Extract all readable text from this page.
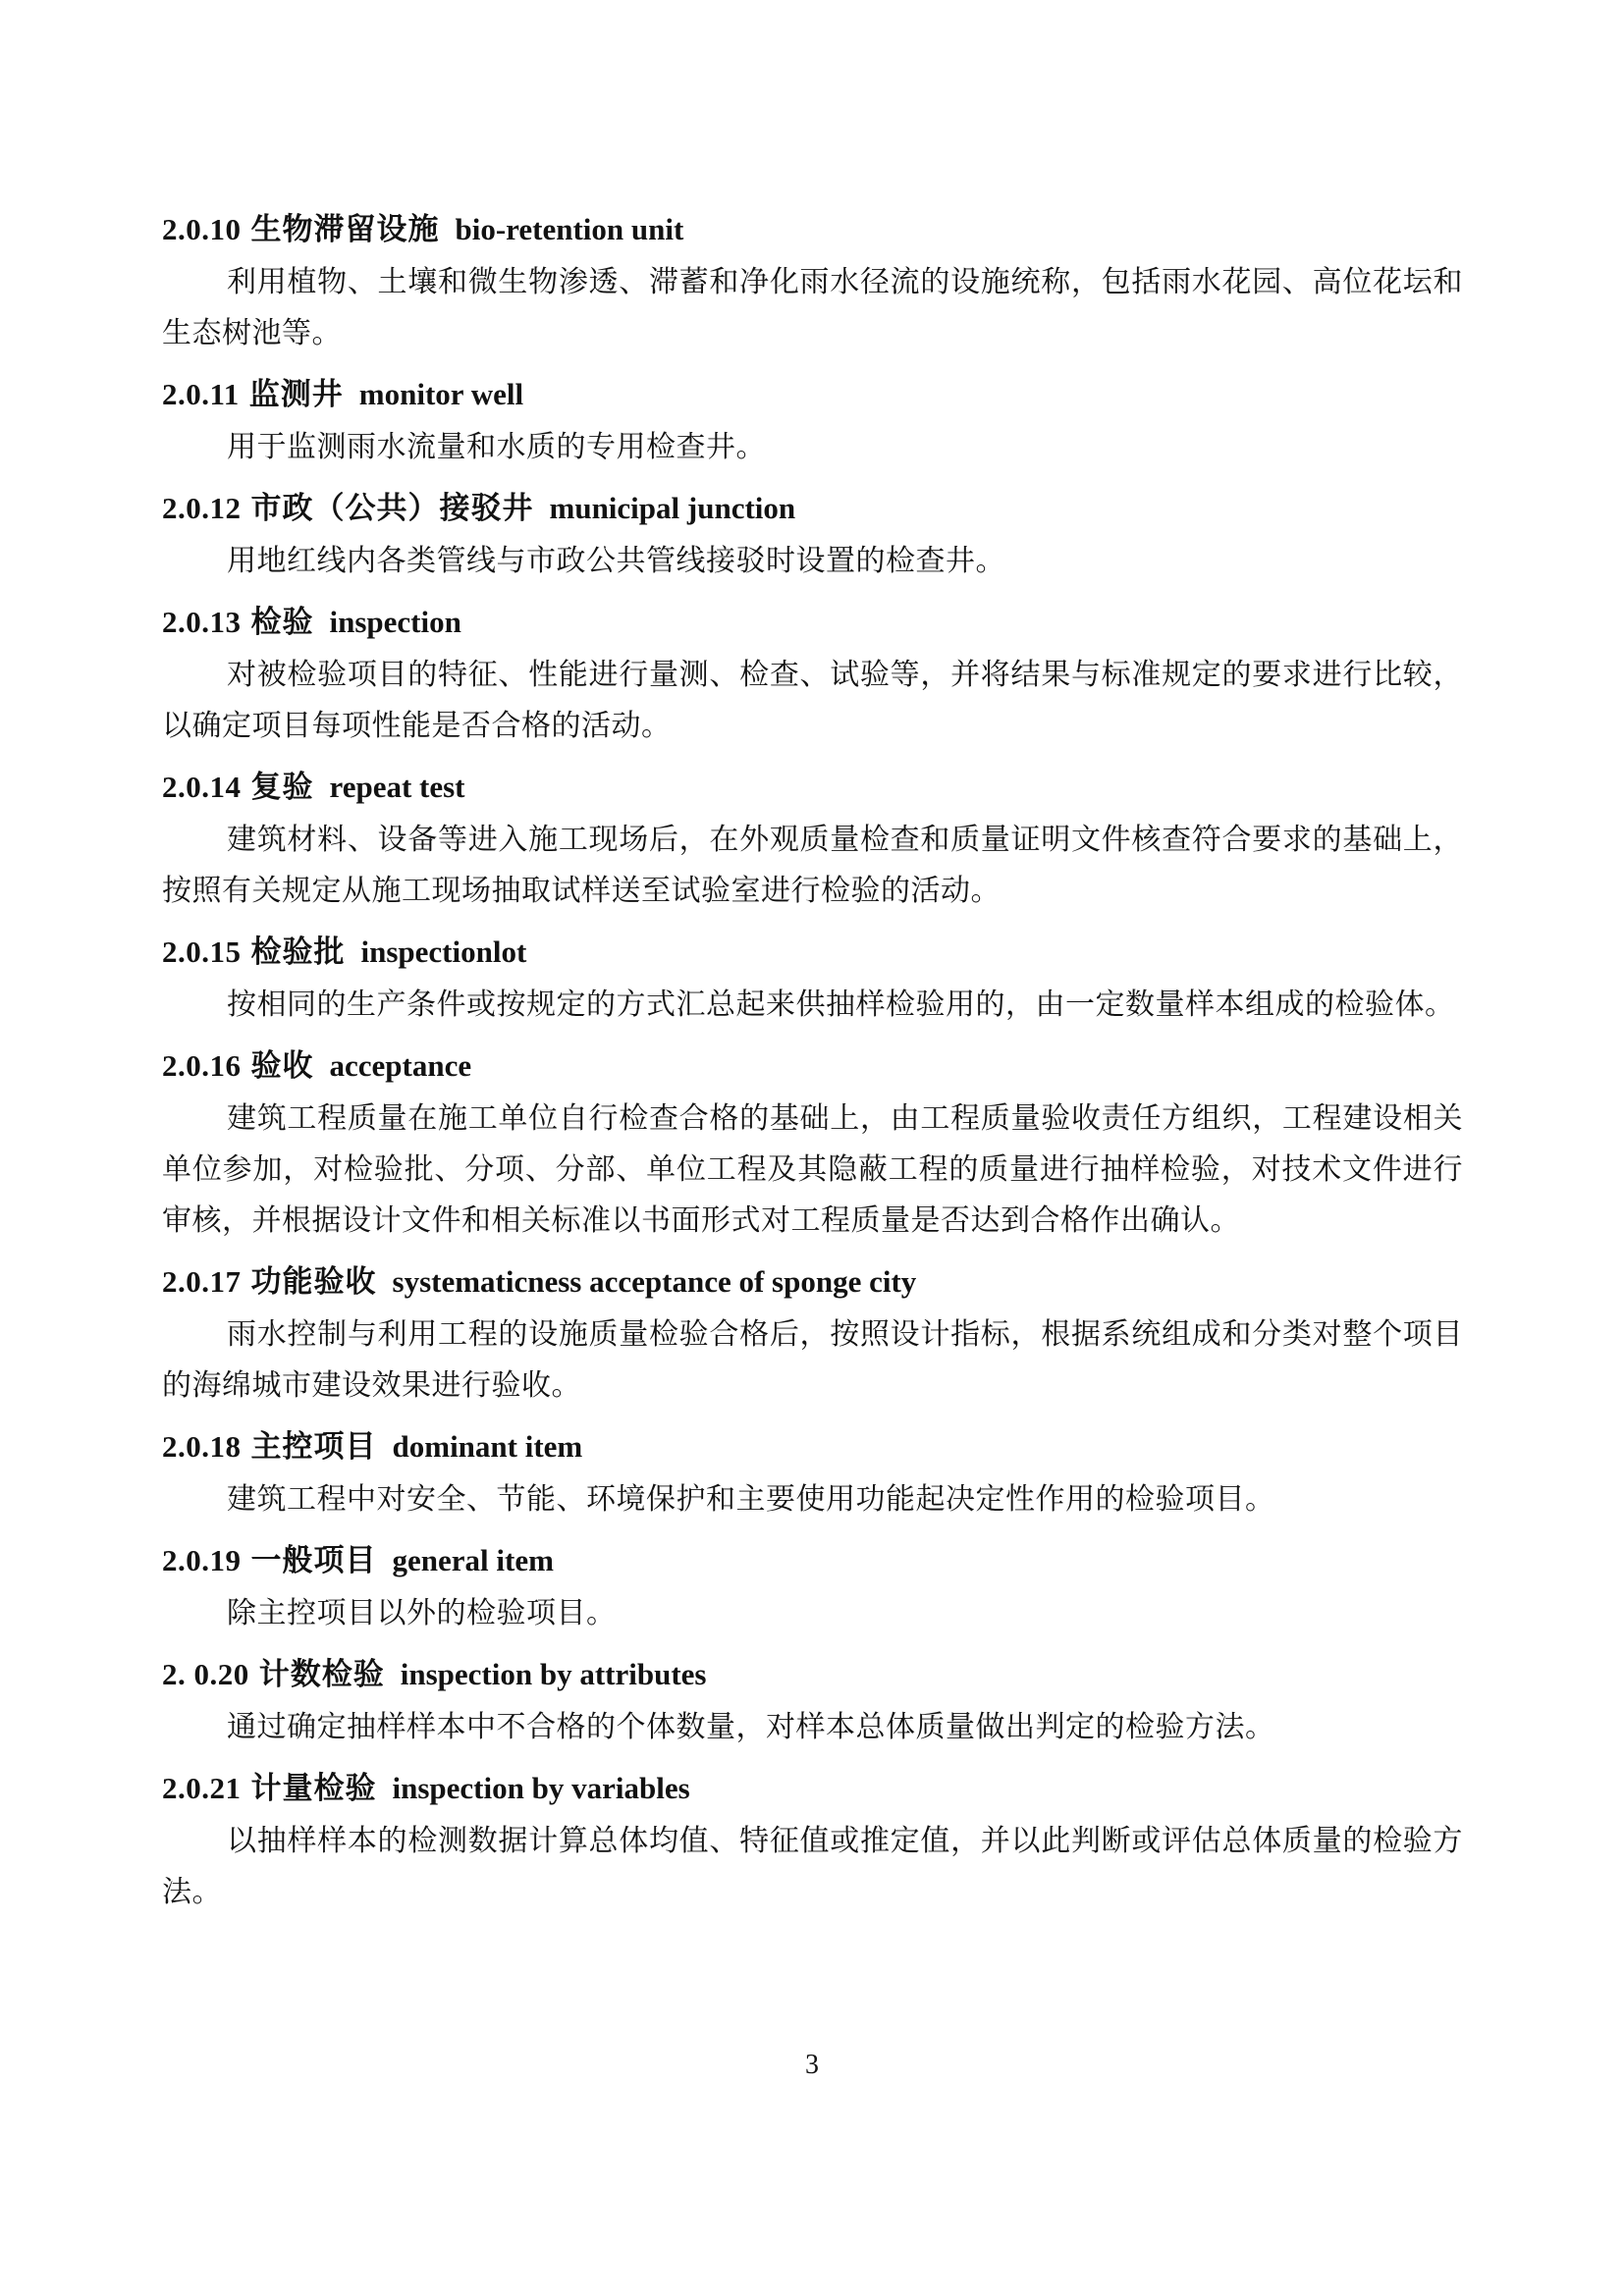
2.0.10 生物滞留设施 bio-retention unit

利用植物、土壤和微生物渗透、滞蓄和净化雨水径流的设施统称，包括雨水花园、高位花坛和生态树池等。

2.0.11 监测井 monitor well

用于监测雨水流量和水质的专用检查井。

2.0.12 市政（公共）接驳井 municipal junction

用地红线内各类管线与市政公共管线接驳时设置的检查井。

2.0.13 检验 inspection

对被检验项目的特征、性能进行量测、检查、试验等，并将结果与标准规定的要求进行比较，以确定项目每项性能是否合格的活动。

2.0.14 复验 repeat test

建筑材料、设备等进入施工现场后，在外观质量检查和质量证明文件核查符合要求的基础上，按照有关规定从施工现场抽取试样送至试验室进行检验的活动。

2.0.15 检验批 inspectionlot

按相同的生产条件或按规定的方式汇总起来供抽样检验用的，由一定数量样本组成的检验体。

2.0.16 验收 acceptance

建筑工程质量在施工单位自行检查合格的基础上，由工程质量验收责任方组织，工程建设相关单位参加，对检验批、分项、分部、单位工程及其隐蔽工程的质量进行抽样检验，对技术文件进行审核，并根据设计文件和相关标准以书面形式对工程质量是否达到合格作出确认。

2.0.17 功能验收 systematicness acceptance of sponge city

雨水控制与利用工程的设施质量检验合格后，按照设计指标，根据系统组成和分类对整个项目的海绵城市建设效果进行验收。

2.0.18 主控项目 dominant item

建筑工程中对安全、节能、环境保护和主要使用功能起决定性作用的检验项目。

2.0.19 一般项目 general item

除主控项目以外的检验项目。

2. 0.20 计数检验 inspection by attributes

通过确定抽样样本中不合格的个体数量，对样本总体质量做出判定的检验方法。

2.0.21 计量检验 inspection by variables

以抽样样本的检测数据计算总体均值、特征值或推定值，并以此判断或评估总体质量的检验方法。

3
